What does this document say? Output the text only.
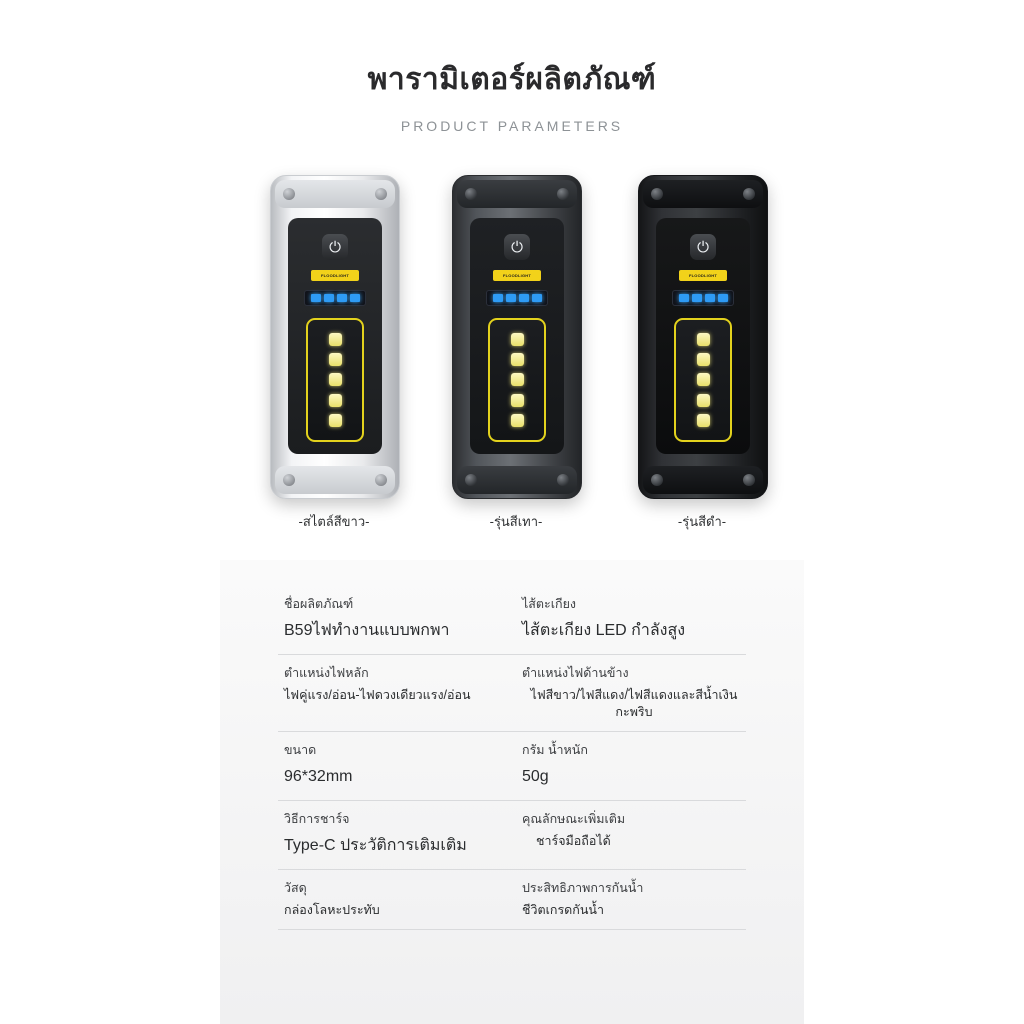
พารามิเตอร์ผลิตภัณฑ์
PRODUCT PARAMETERS
⏻
FLOODLIGHT
-สไตล์สีขาว-
⏻
FLOODLIGHT
-รุ่นสีเทา-
⏻
FLOODLIGHT
-รุ่นสีดำ-
ชื่อผลิตภัณฑ์	ไส้ตะเกียง
B59ไฟทำงานแบบพกพา	ไส้ตะเกียง LED กำลังสูง
ตำแหน่งไฟหลัก	ตำแหน่งไฟด้านข้าง
ไฟคู่แรง/อ่อน-ไฟดวงเดียวแรง/อ่อน	ไฟสีขาว/ไฟสีแดง/ไฟสีแดงและสีน้ำเงินกะพริบ
ขนาด	กรัม น้ำหนัก
96*32mm	50g
วิธีการชาร์จ	คุณลักษณะเพิ่มเติม
Type-C ประวัติการเติมเติม	ชาร์จมือถือได้
วัสดุ	ประสิทธิภาพการกันน้ำ
กล่องโลหะประทับ	ชีวิตเกรดกันน้ำ
